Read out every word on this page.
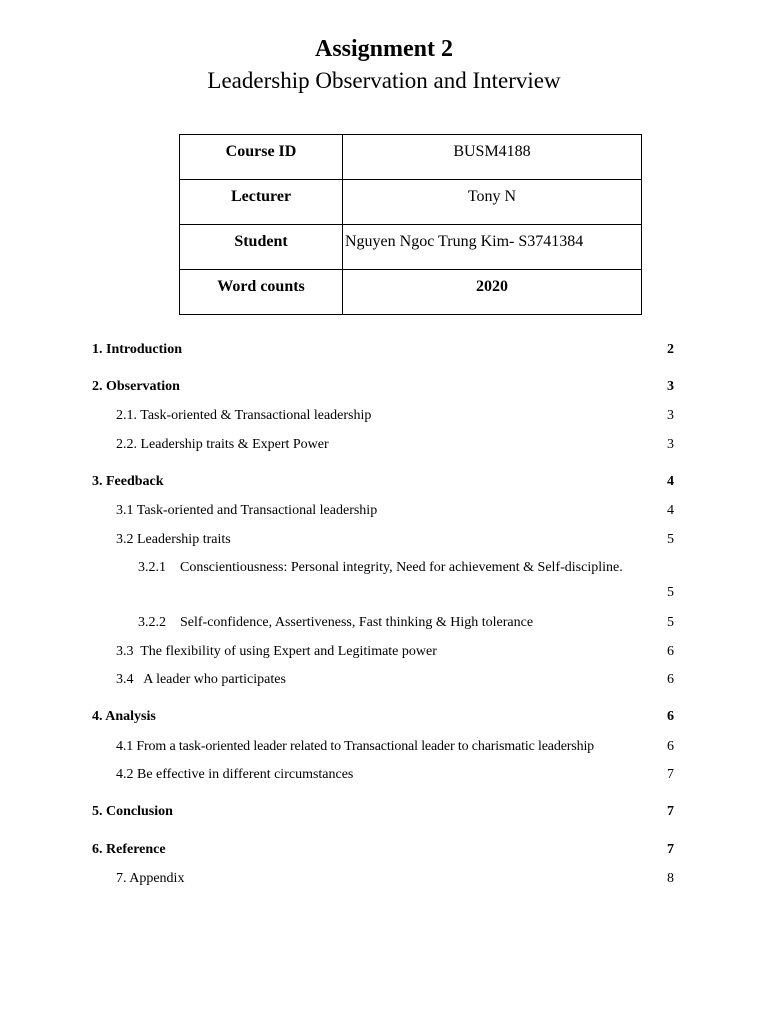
Assignment 2
Leadership Observation and Interview
Course ID	BUSM4188

Lecturer	Tony N

Student	Nguyen Ngoc Trung Kim- S3741384

Word counts	2020
1. Introduction	2
2. Observation	3
2.1. Task-oriented & Transactional leadership	3
2.2. Leadership traits & Expert Power	3
3. Feedback	4
3.1 Task-oriented and Transactional leadership	4
3.2 Leadership traits	5
3.2.1    Conscientiousness: Personal integrity, Need for achievement & Self-discipline.
5
3.2.2    Self-confidence, Assertiveness, Fast thinking & High tolerance	5
3.3  The flexibility of using Expert and Legitimate power	6
3.4   A leader who participates	6
4. Analysis	6
4.1 From a task-oriented leader related to Transactional leader to charismatic leadership	6
4.2 Be effective in different circumstances	7
5. Conclusion	7
6. Reference	7
7. Appendix	8
